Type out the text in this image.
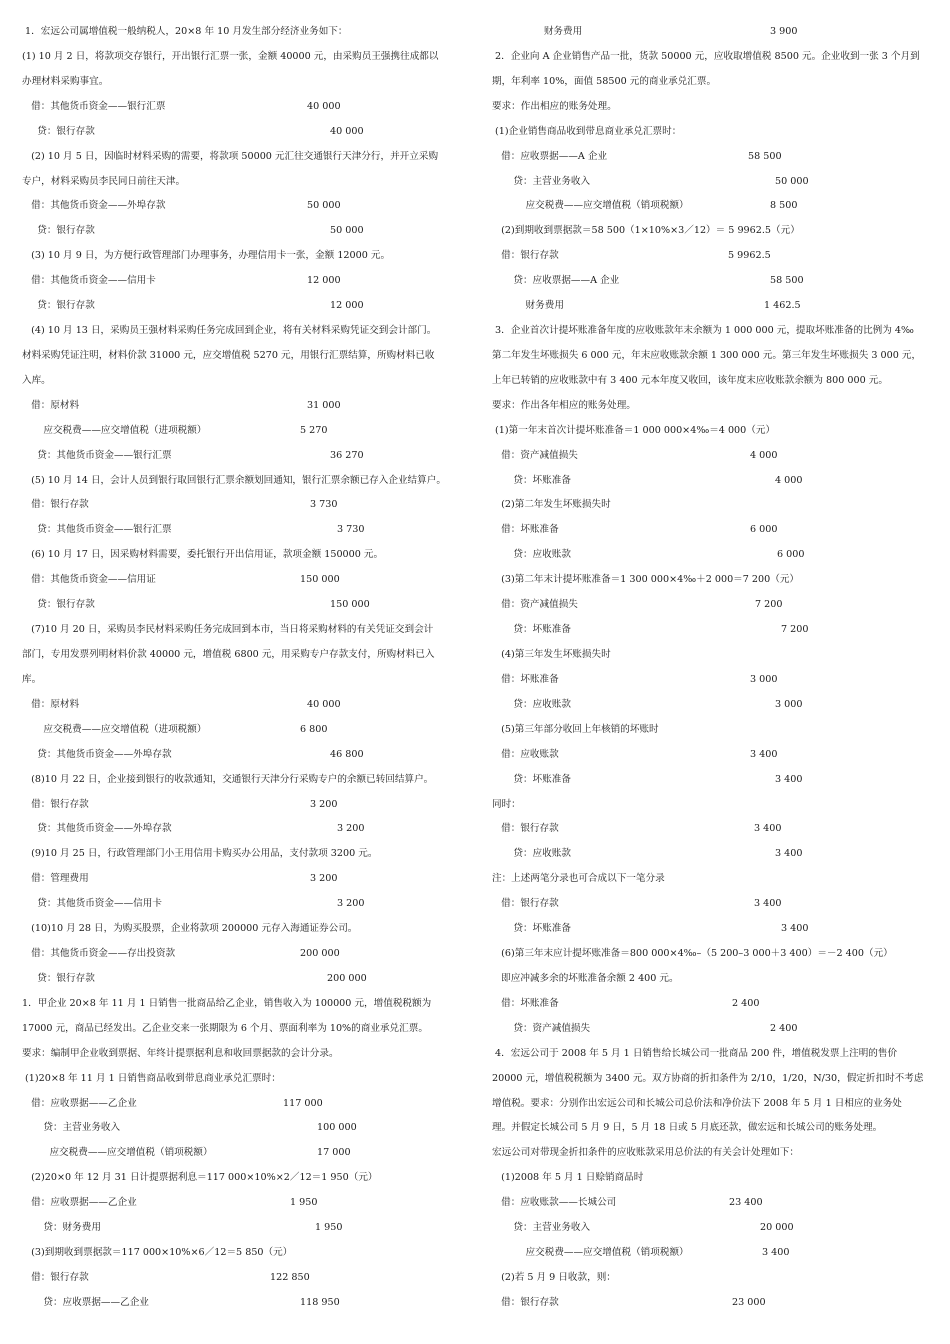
1．宏远公司属增值税一般纳税人，20×8 年 10 月发生部分经济业务如下：
(1) 10 月 2 日，将款项交存银行，开出银行汇票一张，金额 40000 元，由采购员王强携往成都以
办理材料采购事宜。
借：其他货币资金——银行汇票	40 000
贷：银行存款	40 000
(2) 10 月 5 日，因临时材料采购的需要，将款项 50000 元汇往交通银行天津分行，并开立采购
专户，材料采购员李民同日前往天津。
借：其他货币资金——外埠存款	50 000
贷：银行存款	50 000
(3) 10 月 9 日，为方便行政管理部门办理事务，办理信用卡一张，金额 12000 元。
借：其他货币资金——信用卡	12 000
贷：银行存款	12 000
(4) 10 月 13 日，采购员王强材料采购任务完成回到企业，将有关材料采购凭证交到会计部门。
材料采购凭证注明，材料价款 31000 元，应交增值税 5270 元，用银行汇票结算，所购材料已收
入库。
借：原材料	31 000
应交税费——应交增值税（进项税额）	5 270
贷：其他货币资金——银行汇票	36 270
(5) 10 月 14 日，会计人员到银行取回银行汇票余额划回通知，银行汇票余额已存入企业结算户。
借：银行存款	3 730
贷：其他货币资金——银行汇票	3 730
(6) 10 月 17 日，因采购材料需要，委托银行开出信用证，款项金额 150000 元。
借：其他货币资金——信用证	150 000
贷：银行存款	150 000
(7)10 月 20 日，采购员李民材料采购任务完成回到本市，当日将采购材料的有关凭证交到会计
部门，专用发票列明材料价款 40000 元，增值税 6800 元，用采购专户存款支付，所购材料已入
库。
借：原材料	40 000
应交税费——应交增值税（进项税额）	6 800
贷：其他货币资金——外埠存款	46 800
(8)10 月 22 日，企业接到银行的收款通知，交通银行天津分行采购专户的余额已转回结算户。
借：银行存款	3 200
贷：其他货币资金——外埠存款	3 200
(9)10 月 25 日，行政管理部门小王用信用卡购买办公用品，支付款项 3200 元。
借：管理费用	3 200
贷：其他货币资金——信用卡	3 200
(10)10 月 28 日，为购买股票，企业将款项 200000 元存入海通证券公司。
借：其他货币资金——存出投资款	200 000
贷：银行存款	200 000
1．甲企业 20×8 年 11 月 1 日销售一批商品给乙企业，销售收入为 100000 元，增值税税额为
17000 元，商品已经发出。乙企业交来一张期限为 6 个月、票面利率为 10%的商业承兑汇票。
要求：编制甲企业收到票据、年终计提票据利息和收回票据款的会计分录。
(1)20×8 年 11 月 1 日销售商品收到带息商业承兑汇票时：
借：应收票据——乙企业	117 000
贷：主营业务收入	100 000
应交税费——应交增值税（销项税额）	17 000
(2)20×0 年 12 月 31 日计提票据利息＝117 000×10%×2／12＝1 950（元）
借：应收票据——乙企业	1 950
贷：财务费用	1 950
(3)到期收到票据款＝117 000×10%×6／12＝5 850（元）
借：银行存款	122 850
贷：应收票据——乙企业	118 950
财务费用	3 900
2．企业向 A 企业销售产品一批，货款 50000 元，应收取增值税 8500 元。企业收到一张 3 个月到
期，年利率 10%，面值 58500 元的商业承兑汇票。
要求：作出相应的账务处理。
(1)企业销售商品收到带息商业承兑汇票时：
借：应收票据——A 企业	58 500
贷：主营业务收入	50 000
应交税费——应交增值税（销项税额）	8 500
(2)到期收到票据款＝58 500（1×10%×3／12）＝ 5 9962.5（元）
借：银行存款	5 9962.5
贷：应收票据——A 企业	58 500
财务费用	1 462.5
3．企业首次计提坏账准备年度的应收账款年末余额为 1 000 000 元，提取坏账准备的比例为 4‰
第二年发生坏账损失 6 000 元，年末应收账款余额 1 300 000 元。第三年发生坏账损失 3 000 元，
上年已转销的应收账款中有 3 400 元本年度又收回，该年度末应收账款余额为 800 000 元。
要求：作出各年相应的账务处理。
(1)第一年末首次计提坏账准备＝1 000 000×4‰＝4 000（元）
借：资产减值损失	4 000
贷：坏账准备	4 000
(2)第二年发生坏账损失时
借：坏账准备	6 000
贷：应收账款	6 000
(3)第二年末计提坏账准备＝1 300 000×4‰＋2 000＝7 200（元）
借：资产减值损失	7 200
贷：坏账准备	7 200
(4)第三年发生坏账损失时
借：坏账准备	3 000
贷：应收账款	3 000
(5)第三年部分收回上年核销的坏账时
借：应收账款	3 400
贷：坏账准备	3 400
同时：
借：银行存款	3 400
贷：应收账款	3 400
注：上述两笔分录也可合成以下一笔分录
借：银行存款	3 400
贷：坏账准备	3 400
(6)第三年末应计提坏账准备＝800 000×4‰–（5 200–3 000＋3 400）＝－2 400（元）
即应冲减多余的坏账准备余额 2 400 元。
借：坏账准备	2 400
贷：资产减值损失	2 400
4．宏远公司于 2008 年 5 月 1 日销售给长城公司一批商品 200 件，增值税发票上注明的售价
20000 元，增值税税额为 3400 元。双方协商的折扣条件为 2/10，1/20，N/30，假定折扣时不考虑
增值税。要求：分别作出宏远公司和长城公司总价法和净价法下 2008 年 5 月 1 日相应的业务处
理。并假定长城公司 5 月 9 日，5 月 18 日或 5 月底还款，做宏远和长城公司的账务处理。
宏远公司对带现金折扣条件的应收账款采用总价法的有关会计处理如下：
(1)2008 年 5 月 1 日赊销商品时
借：应收账款——长城公司	23 400
贷：主营业务收入	20 000
应交税费——应交增值税（销项税额）	3 400
(2)若 5 月 9 日收款，则：
借：银行存款	23 000
